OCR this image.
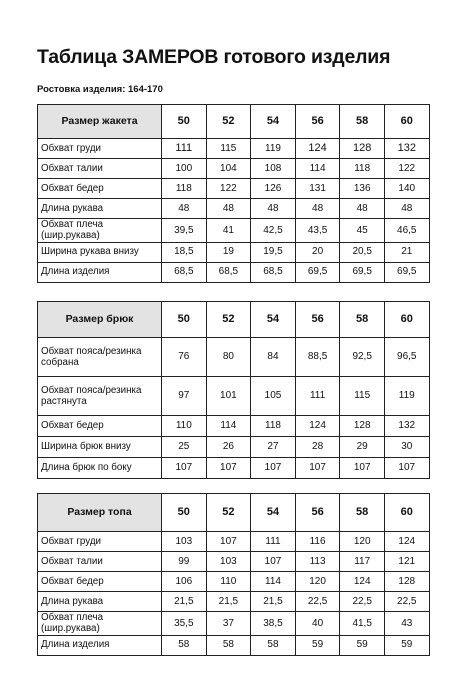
Таблица ЗАМЕРОВ готового изделия
Ростовка изделия: 164-170
Размер жакета	50	52	54	56	58	60
Обхват груди	111	115	119	124	128	132
Обхват талии	100	104	108	114	118	122
Обхват бедер	118	122	126	131	136	140
Длина рукава	48	48	48	48	48	48
Обхват плеча (шир.рукава)	39,5	41	42,5	43,5	45	46,5
Ширина рукава внизу	18,5	19	19,5	20	20,5	21
Длина изделия	68,5	68,5	68,5	69,5	69,5	69,5
Размер брюк	50	52	54	56	58	60
Обхват пояса/резинка собрана	76	80	84	88,5	92,5	96,5
Обхват пояса/резинка растянута	97	101	105	111	115	119
Обхват бедер	110	114	118	124	128	132
Ширина брюк внизу	25	26	27	28	29	30
Длина брюк по боку	107	107	107	107	107	107
Размер топа	50	52	54	56	58	60
Обхват груди	103	107	111	116	120	124
Обхват талии	99	103	107	113	117	121
Обхват бедер	106	110	114	120	124	128
Длина рукава	21,5	21,5	21,5	22,5	22,5	22,5
Обхват плеча (шир.рукава)	35,5	37	38,5	40	41,5	43
Длина изделия	58	58	58	59	59	59
